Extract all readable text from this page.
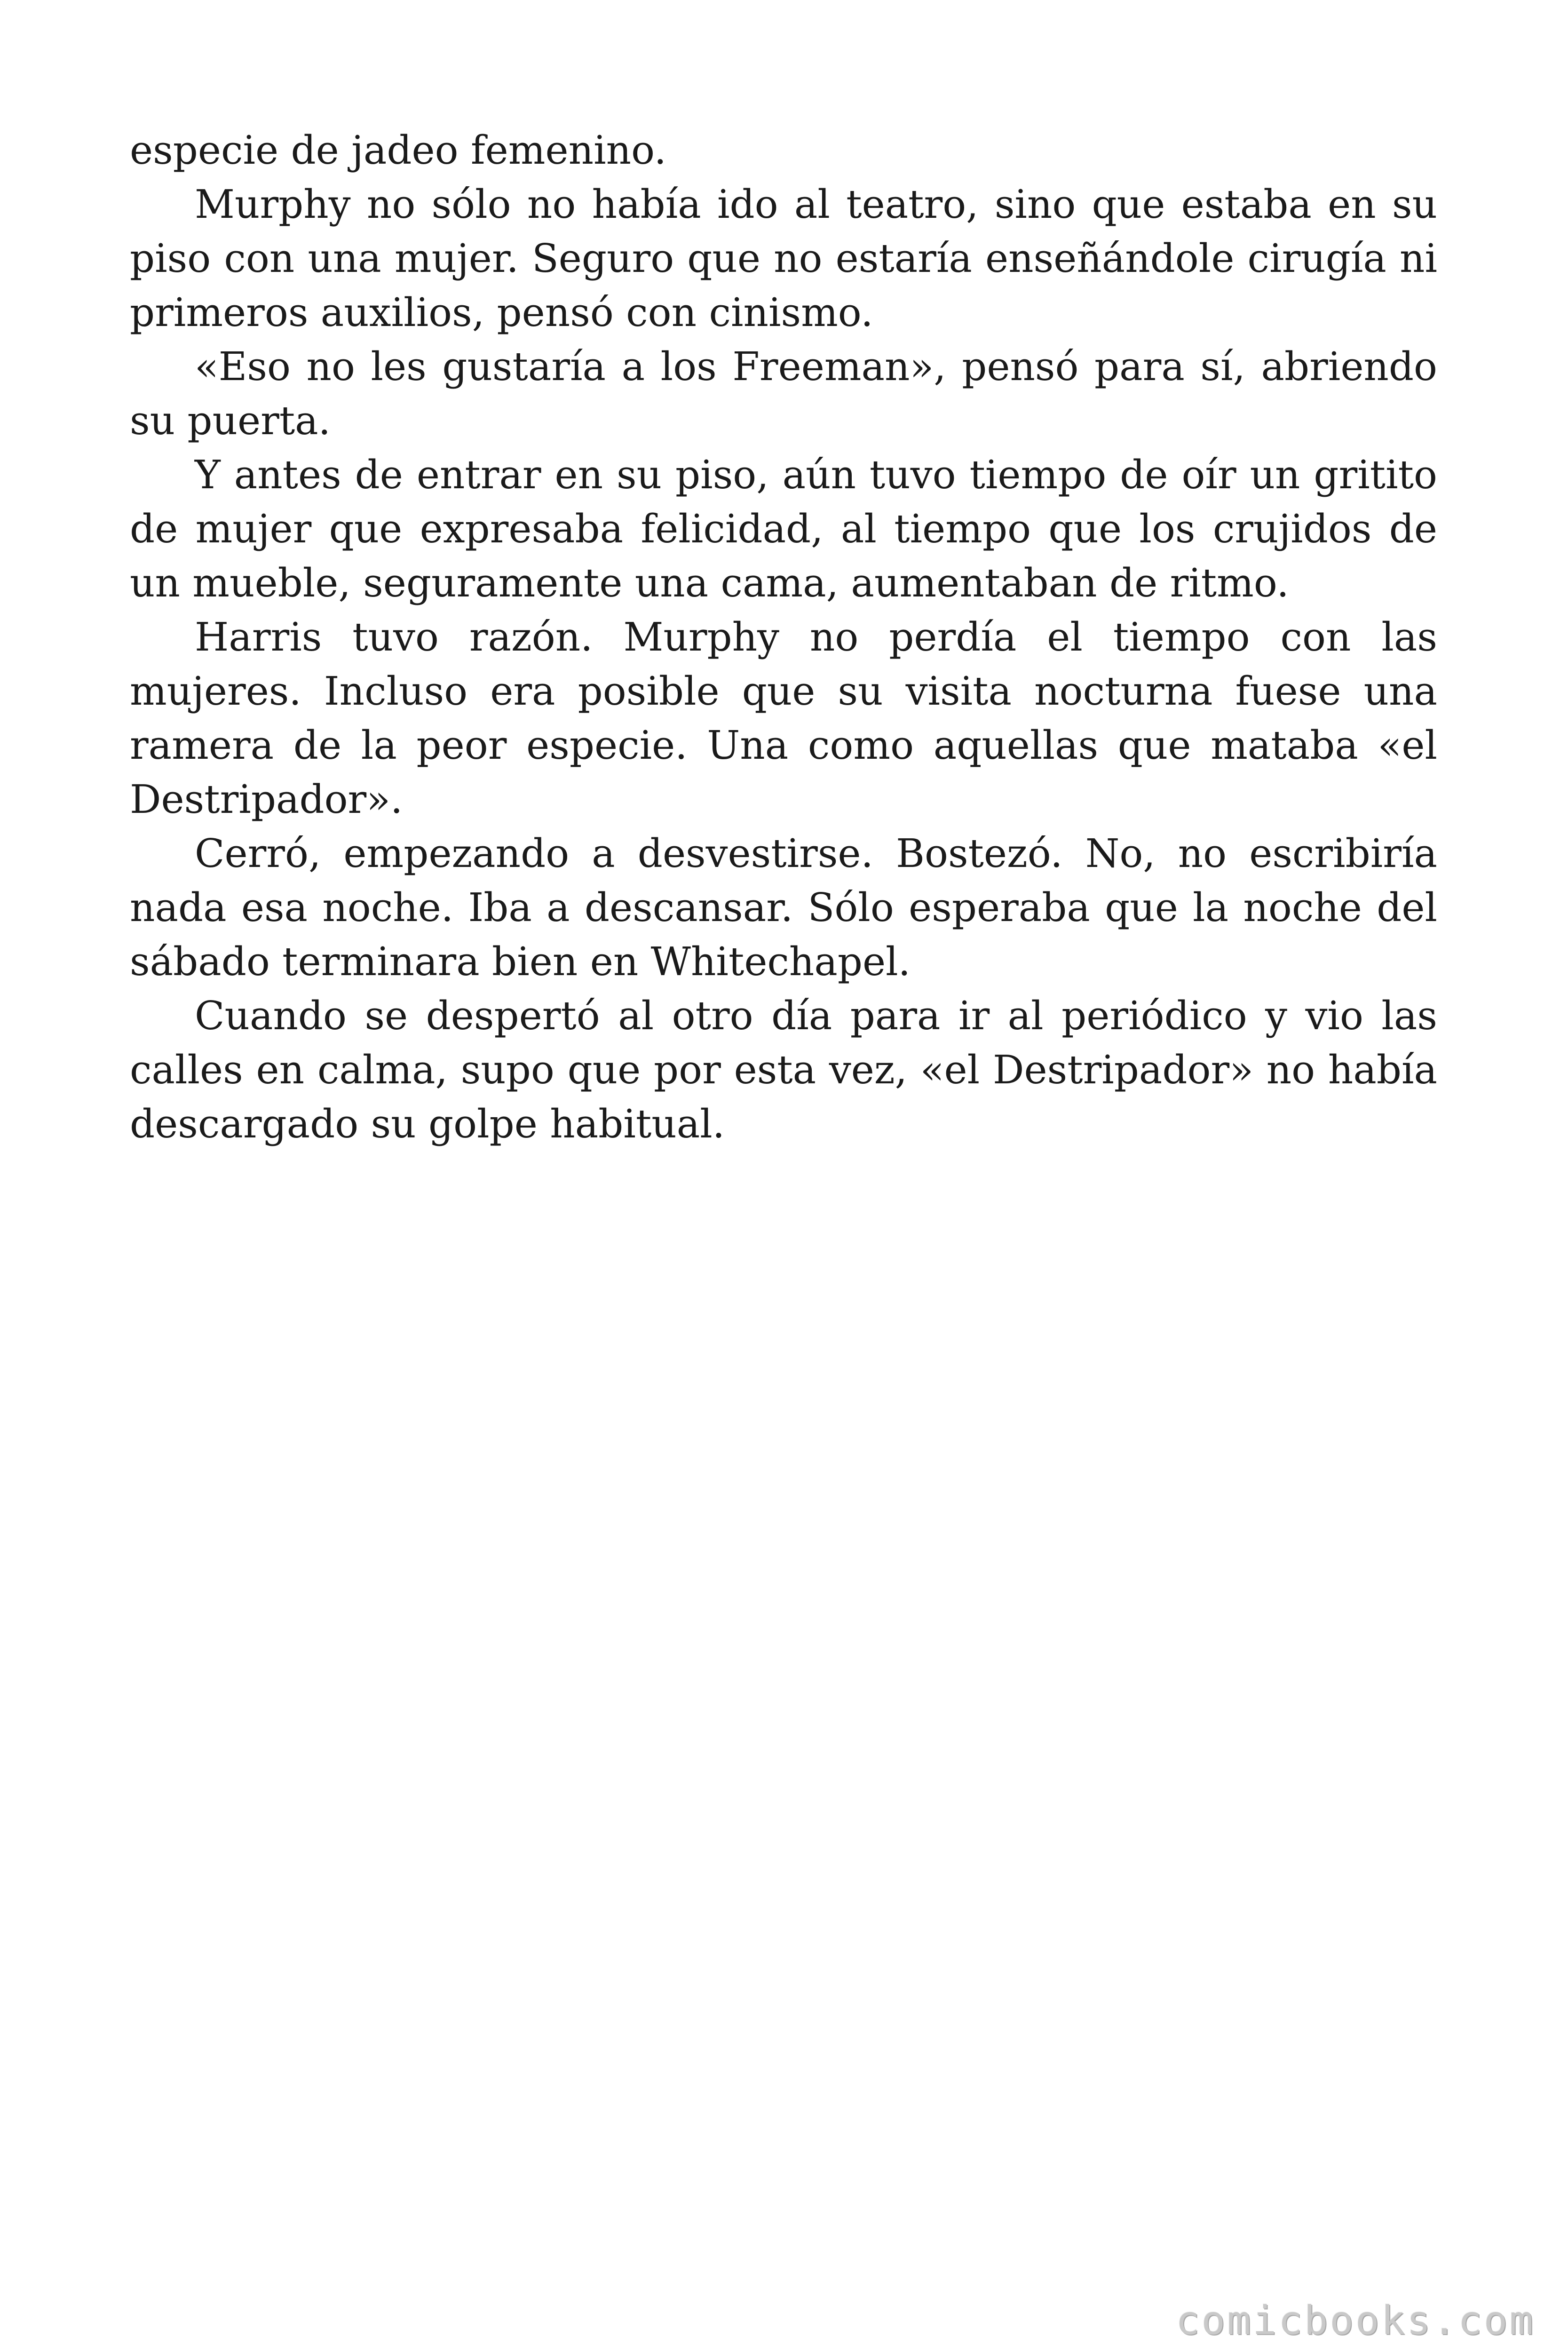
especie de jadeo femenino.

Murphy no sólo no había ido al teatro, sino que estaba en su piso con una mujer. Seguro que no estaría enseñándole cirugía ni primeros auxilios, pensó con cinismo.

«Eso no les gustaría a los Freeman», pensó para sí, abriendo su puerta.

Y antes de entrar en su piso, aún tuvo tiempo de oír un gritito de mujer que expresaba felicidad, al tiempo que los crujidos de un mueble, seguramente una cama, aumentaban de ritmo.

Harris tuvo razón. Murphy no perdía el tiempo con las mujeres. Incluso era posible que su visita nocturna fuese una ramera de la peor especie. Una como aquellas que mataba «el Destripador».

Cerró, empezando a desvestirse. Bostezó. No, no escribiría nada esa noche. Iba a descansar. Sólo esperaba que la noche del sábado terminara bien en Whitechapel.

Cuando se despertó al otro día para ir al periódico y vio las calles en calma, supo que por esta vez, «el Destripador» no había descargado su golpe habitual.

comicbooks.com
